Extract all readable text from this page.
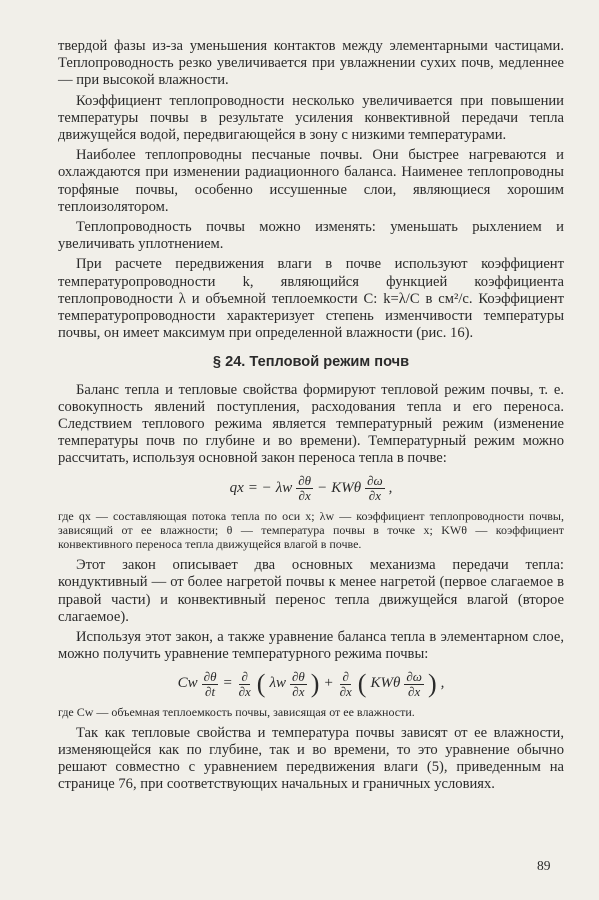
твердой фазы из-за уменьшения контактов между элементарными частицами. Теплопроводность резко увеличивается при увлажнении сухих почв, медленнее — при высокой влажности.

Коэффициент теплопроводности несколько увеличивается при повышении температуры почвы в результате усиления конвективной передачи тепла движущейся водой, передвигающейся в зону с низкими температурами.

Наиболее теплопроводны песчаные почвы. Они быстрее нагреваются и охлаждаются при изменении радиационного баланса. Наименее теплопроводны торфяные почвы, особенно иссушенные слои, являющиеся хорошим теплоизолятором.

Теплопроводность почвы можно изменять: уменьшать рыхлением и увеличивать уплотнением.

При расчете передвижения влаги в почве используют коэффициент температуропроводности k, являющийся функцией коэффициента теплопроводности λ и объемной теплоемкости C: k=λ/C в см²/с. Коэффициент температуропроводности характеризует степень изменчивости температуры почвы, он имеет максимум при определенной влажности (рис. 16).

§ 24. Тепловой режим почв

Баланс тепла и тепловые свойства формируют тепловой режим почвы, т. е. совокупность явлений поступления, расходования тепла и его переноса. Следствием теплового режима является температурный режим (изменение температуры почв по глубине и во времени). Температурный режим можно рассчитать, используя основной закон переноса тепла в почве:

qx = − λw $\frac{\partial\theta}{\partial x} - KW\theta \frac{\partial\omega}{\partial x}$ ,

где qx — составляющая потока тепла по оси x; λw — коэффициент теплопроводности почвы, зависящий от ее влажности; θ — температура почвы в точке x; KWθ — коэффициент конвективного переноса тепла движущейся влагой в почве.

Этот закон описывает два основных механизма передачи тепла: кондуктивный — от более нагретой почвы к менее нагретой (первое слагаемое в правой части) и конвективный перенос тепла движущейся влагой (второе слагаемое).

Используя этот закон, а также уравнение баланса тепла в элементарном слое, можно получить уравнение температурного режима почвы:

Cw $\frac{\partial\theta}{\partial t} = \frac{\partial}{\partial x}$ ( λw $\frac{\partial\theta}{\partial x}$ ) + $\frac{\partial}{\partial x}$ ( KWθ $\frac{\partial\omega}{\partial x}$ ) ,

где Cw — объемная теплоемкость почвы, зависящая от ее влажности.

Так как тепловые свойства и температура почвы зависят от ее влажности, изменяющейся как по глубине, так и во времени, то это уравнение обычно решают совместно с уравнением передвижения влаги (5), приведенным на странице 76, при соответствующих начальных и граничных условиях.

89
